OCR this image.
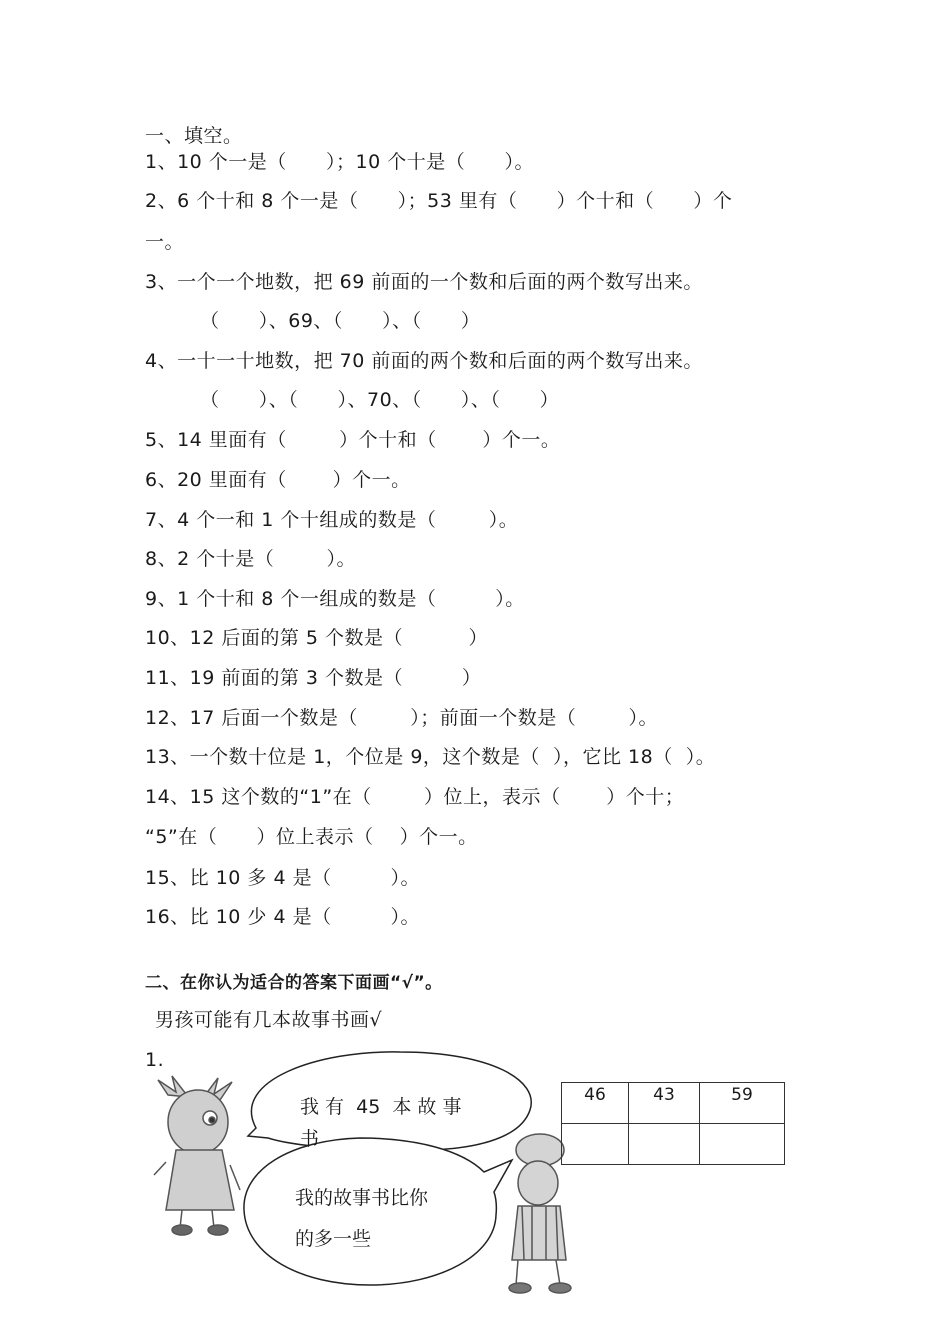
一、填空。
1、10 个一是（      ）；10 个十是（      ）。
2、6 个十和 8 个一是（      ）；53 里有（      ）个十和（      ）个
一。
3、一个一个地数，把 69 前面的一个数和后面的两个数写出来。
（      ）、69、（      ）、（      ）
4、一十一十地数，把 70 前面的两个数和后面的两个数写出来。
（      ）、（      ）、70、（      ）、（      ）
5、14 里面有（        ）个十和（       ）个一。
6、20 里面有（       ）个一。
7、4 个一和 1 个十组成的数是（        ）。
8、2 个十是（        ）。
9、1 个十和 8 个一组成的数是（         ）。
10、12 后面的第 5 个数是（          ）
11、19 前面的第 3 个数是（         ）
12、17 后面一个数是（        ）；前面一个数是（        ）。
13、一个数十位是 1，个位是 9，这个数是（  ），它比 18（  ）。
14、15 这个数的“1”在（        ）位上，表示（       ）个十；
“5”在（      ）位上表示（    ）个一。
15、比 10 多 4 是（         ）。
16、比 10 少 4 是（         ）。
二、在你认为适合的答案下面画“√”。
男孩可能有几本故事书画√
1.
我 有  45  本 故 事
我的故事书比你
的多一些
46	43	59
